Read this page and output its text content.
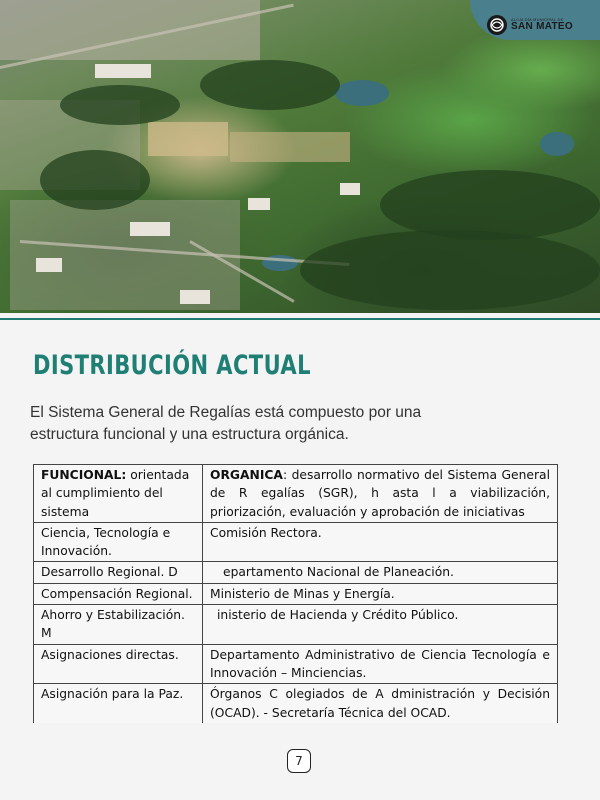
ALCALDÍA MUNICIPAL DE
SAN MATEO
DISTRIBUCIÓN ACTUAL

El Sistema General de Regalías está compuesto por una
estructura funcional y una estructura orgánica.

FUNCIONAL: orientada al cumplimiento del sistema	ORGANICA: desarrollo normativo del Sistema General de R egalías (SGR), h asta l a viabilización, priorización, evaluación y aprobación de iniciativas
Ciencia, Tecnología e Innovación.	Comisión Rectora.
Desarrollo Regional. D	epartamento Nacional de Planeación.
Compensación Regional.	Ministerio de Minas y Energía.
Ahorro y Estabilización. M	inisterio de Hacienda y Crédito Público.
Asignaciones directas.	Departamento Administrativo de Ciencia Tecnología e Innovación – Minciencias.
Asignación para la Paz.	Órganos C olegiados de A dministración y Decisión (OCAD). - Secretaría Técnica del OCAD.
7
